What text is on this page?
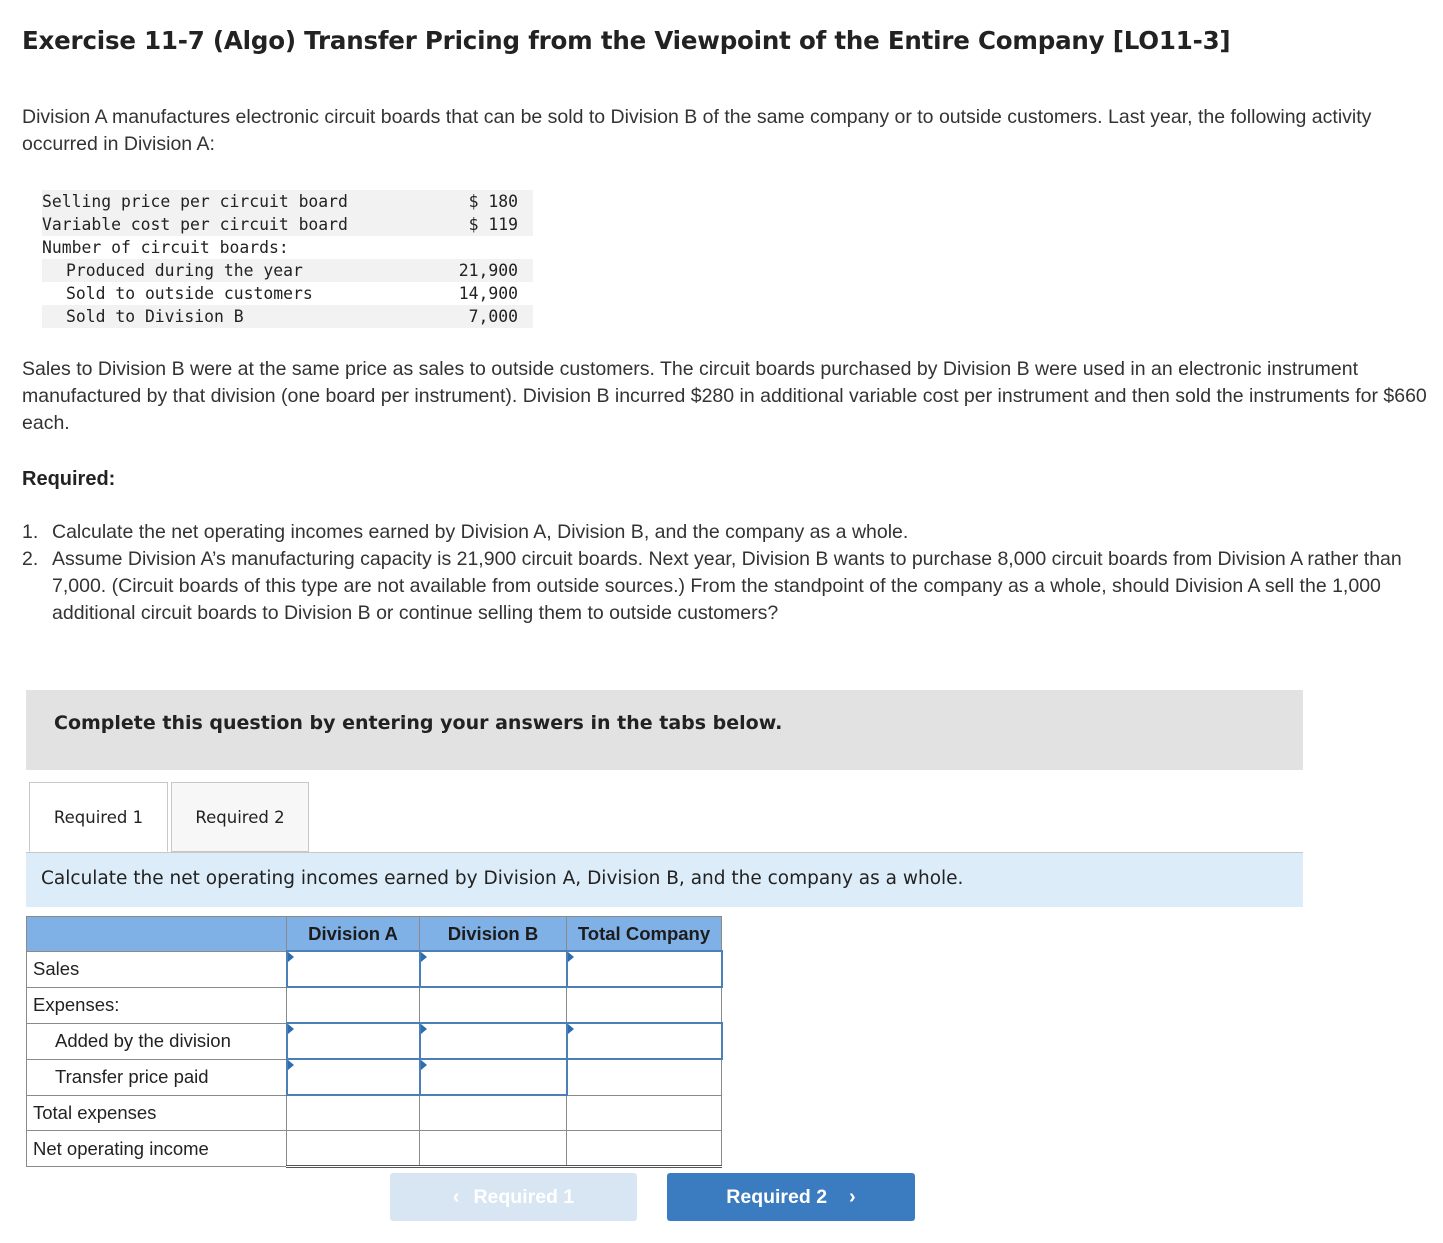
Exercise 11-7 (Algo) Transfer Pricing from the Viewpoint of the Entire Company [LO11-3]

Division A manufactures electronic circuit boards that can be sold to Division B of the same company or to outside customers. Last year, the following activity occurred in Division A:

Selling price per circuit board	$ 180
Variable cost per circuit board	$ 119
Number of circuit boards:	
Produced during the year	21,900
Sold to outside customers	14,900
Sold to Division B	7,000

Sales to Division B were at the same price as sales to outside customers. The circuit boards purchased by Division B were used in an electronic instrument manufactured by that division (one board per instrument). Division B incurred $280 in additional variable cost per instrument and then sold the instruments for $660 each.

Required:
1. Calculate the net operating incomes earned by Division A, Division B, and the company as a whole.
2. Assume Division A’s manufacturing capacity is 21,900 circuit boards. Next year, Division B wants to purchase 8,000 circuit boards from Division A rather than 7,000. (Circuit boards of this type are not available from outside sources.) From the standpoint of the company as a whole, should Division A sell the 1,000 additional circuit boards to Division B or continue selling them to outside customers?
Complete this question by entering your answers in the tabs below.
Required 1	Required 2
Calculate the net operating incomes earned by Division A, Division B, and the company as a whole.
	Division A	Division B	Total Company
Sales			
Expenses:			
Added by the division			
Transfer price paid			
Total expenses			
Net operating income			
‹ Required 1	Required 2 ›
